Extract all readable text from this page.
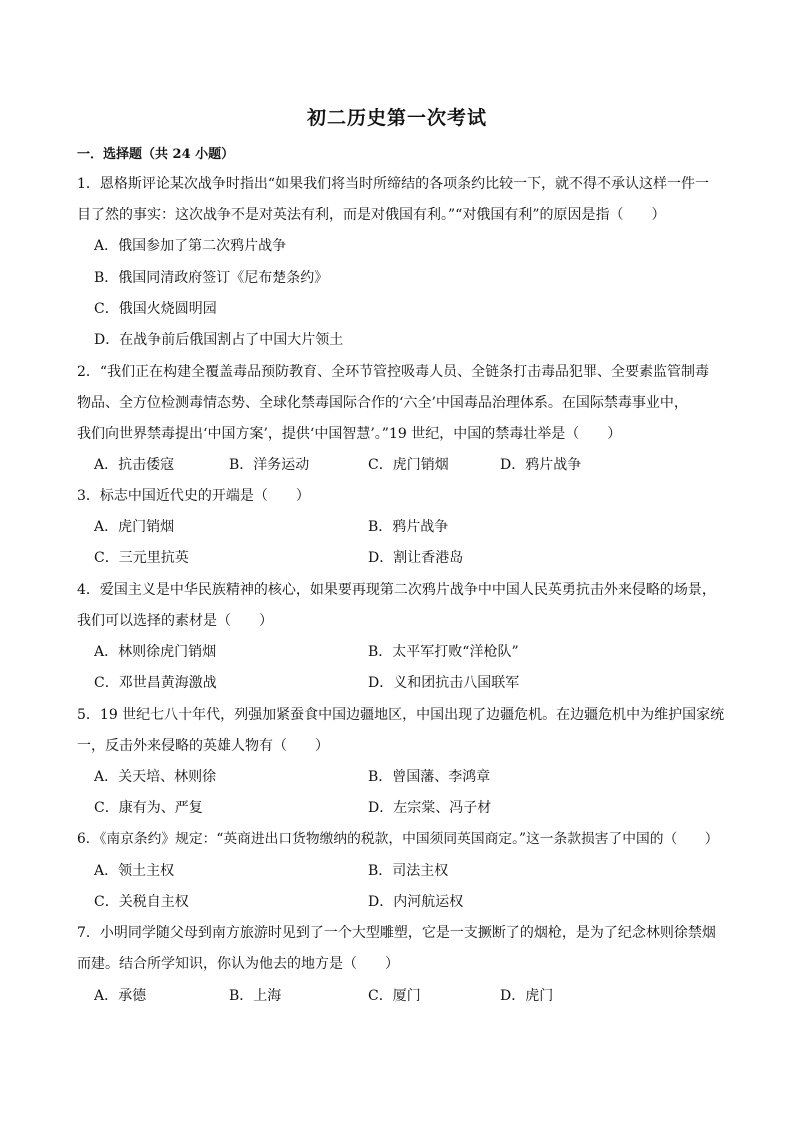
初二历史第一次考试
一．选择题（共 24 小题）
1．恩格斯评论某次战争时指出“如果我们将当时所缔结的各项条约比较一下，就不得不承认这样一件一
目了然的事实：这次战争不是对英法有利，而是对俄国有利。”“对俄国有利”的原因是指（　　）
A．俄国参加了第二次鸦片战争
B．俄国同清政府签订《尼布楚条约》
C．俄国火烧圆明园
D．在战争前后俄国割占了中国大片领土
2．“我们正在构建全覆盖毒品预防教育、全环节管控吸毒人员、全链条打击毒品犯罪、全要素监管制毒
物品、全方位检测毒情态势、全球化禁毒国际合作的‘六全’中国毒品治理体系。在国际禁毒事业中，
我们向世界禁毒提出‘中国方案’，提供‘中国智慧’。”19 世纪，中国的禁毒壮举是（　　）
A．抗击倭寇	B．洋务运动	C．虎门销烟	D．鸦片战争
3．标志中国近代史的开端是（　　）
A．虎门销烟	B．鸦片战争
C．三元里抗英	D．割让香港岛
4．爱国主义是中华民族精神的核心，如果要再现第二次鸦片战争中中国人民英勇抗击外来侵略的场景，
我们可以选择的素材是（　　）
A．林则徐虎门销烟	B．太平军打败“洋枪队”
C．邓世昌黄海激战	D．义和团抗击八国联军
5．19 世纪七八十年代，列强加紧蚕食中国边疆地区，中国出现了边疆危机。在边疆危机中为维护国家统
一，反击外来侵略的英雄人物有（　　）
A．关天培、林则徐	B．曾国藩、李鸿章
C．康有为、严复	D．左宗棠、冯子材
6．《南京条约》规定：“英商进出口货物缴纳的税款，中国须同英国商定。”这一条款损害了中国的（　　）
A．领土主权	B．司法主权
C．关税自主权	D．内河航运权
7．小明同学随父母到南方旅游时见到了一个大型雕塑，它是一支撅断了的烟枪，是为了纪念林则徐禁烟
而建。结合所学知识，你认为他去的地方是（　　）
A．承德	B．上海	C．厦门	D．虎门
